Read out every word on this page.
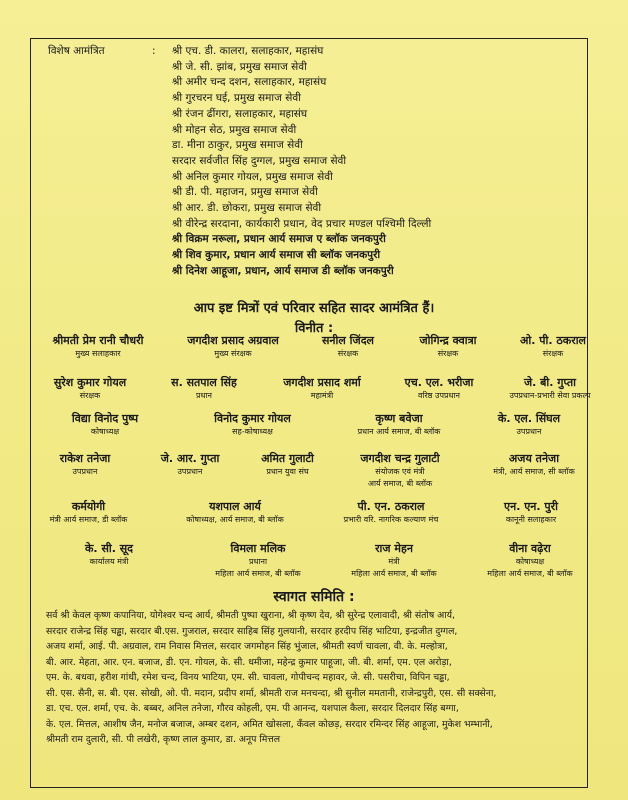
विशेष आमंत्रित	: श्री एच. डी. कालरा, सलाहकार, महासंघ
श्री जे. सी. झांब, प्रमुख समाज सेवी
श्री अमीर चन्द दशन, सलाहकार, महासंघ
श्री गुरचरन घई, प्रमुख समाज सेवी
श्री रंजन ढींगरा, सलाहकार, महासंघ
श्री मोहन सेठ, प्रमुख समाज सेवी
डा. मीना ठाकुर, प्रमुख समाज सेवी
सरदार सर्वजीत सिंह दुग्गल, प्रमुख समाज सेवी
श्री अनिल कुमार गोयल, प्रमुख समाज सेवी
श्री डी. पी. महाजन, प्रमुख समाज सेवी
श्री आर. डी. छोकरा, प्रमुख समाज सेवी
श्री वीरेन्द्र सरदाना, कार्यकारी प्रधान, वेद प्रचार मण्डल पश्चिमी दिल्ली
श्री विक्रम नरूला, प्रधान आर्य समाज ए ब्लॉक जनकपुरी
श्री शिव कुमार, प्रधान आर्य समाज सी ब्लॉक जनकपुरी
श्री दिनेश आहूजा, प्रधान, आर्य समाज डी ब्लॉक जनकपुरी
आप इष्ट मित्रों एवं परिवार सहित सादर आमंत्रित हैं।
विनीत :
श्रीमती प्रेम रानी चौधरी
मुख्य सलाहकार
जगदीश प्रसाद अग्रवाल
मुख्य संरक्षक
सनील जिंदल
संरक्षक
जोगिन्द्र क्वात्रा
संरक्षक
ओ. पी. ठकराल
संरक्षक
सुरेश कुमार गोयल
संरक्षक
स. सतपाल सिंह
प्रधान
जगदीश प्रसाद शर्मा
महामंत्री
एच. एल. भरीजा
वरिष्ठ उपप्रधान
जे. बी. गुप्ता
उपप्रधान-प्रभारी सेवा प्रकल्प
विद्या विनोद पुष्प
कोषाध्यक्ष
विनोद कुमार गोयल
सह-कोषाध्यक्ष
कृष्ण बवेजा
प्रधान आर्य समाज, बी ब्लॉक
के. एल. सिंघल
उपप्रधान
राकेश तनेजा
उपप्रधान
जे. आर. गुप्ता
उपप्रधान
अमित गुलाटी
प्रधान युवा संघ
जगदीश चन्द्र गुलाटी
संयोजक एवं मंत्री
आर्य समाज, बी ब्लॉक
अजय तनेजा
मंत्री, आर्य समाज, सी ब्लॉक
कर्मयोगी
मंत्री आर्य समाज, डी ब्लॉक
यशपाल आर्य
कोषाध्यक्ष, आर्य समाज, बी ब्लॉक
पी. एन. ठकराल
प्रभारी वरि. नागरिक कल्याण मंच
एन. एन. पुरी
कानूनी सलाहकार
के. सी. सूद
कार्यालय मंत्री
विमला मलिक
प्रधाना
महिला आर्य समाज, बी ब्लॉक
राज मेहन
मंत्री
महिला आर्य समाज, बी ब्लॉक
वीना वढ़ेरा
कोषाध्यक्ष
महिला आर्य समाज, बी ब्लॉक
स्वागत समिति :
सर्व श्री केवल कृष्ण कपानिया, योगेश्वर चन्द आर्य, श्रीमती पुष्पा खुराना, श्री कृष्ण देव, श्री सुरेन्द्र एलावादी, श्री संतोष आर्य,
सरदार राजेन्द्र सिंह चड्ढा, सरदार बी.एस. गुजराल, सरदार साहिब सिंह गुलयानी, सरदार हरदीप सिंह भाटिया, इन्द्रजीत दुग्गल,
अजय शर्मा, आई. पी. अग्रवाल, राम निवास मित्तल, सरदार जगमोहन सिंह भुंजाल, श्रीमती स्वर्ण चावला, वी. के. मल्होत्रा,
बी. आर. मेहता, आर. एन. बजाज, डी. एन. गोयल, के. सी. धमीजा, महेन्द्र कुमार पाहूजा, जी. बी. शर्मा, एम. एल अरोड़ा,
एम. के. बधवा, हरीश गांधी, रमेश चन्द, विनय भाटिया, एम. सी. चावला, गोपीचन्द महावर, जे. सी. पसरीचा, विपिन चड्ढा,
सी. एस. सैनी, स. बी. एस. सोखी, ओ. पी. मदान, प्रदीप शर्मा, श्रीमती राज मनचन्दा, श्री सुनील ममतानी, राजेन्द्रपुरी, एस. सी सक्सेना,
डा. एच. एल. शर्मा, एच. के. बब्बर, अनिल तनेजा, गौरव कोहली, एम. पी आनन्द, यशपाल कैला, सरदार दिलदार सिंह बग्गा,
के. एल. मित्तल, आशीष जैन, मनोज बजाज, अम्बर दशन, अमित खोसला, कँवल कोछड़, सरदार रमिन्दर सिंह आहूजा, मुकेश भम्भानी,
श्रीमती राम दुलारी, सी. पी लखेरी, कृष्ण लाल कुमार, डा. अनूप मित्तल
